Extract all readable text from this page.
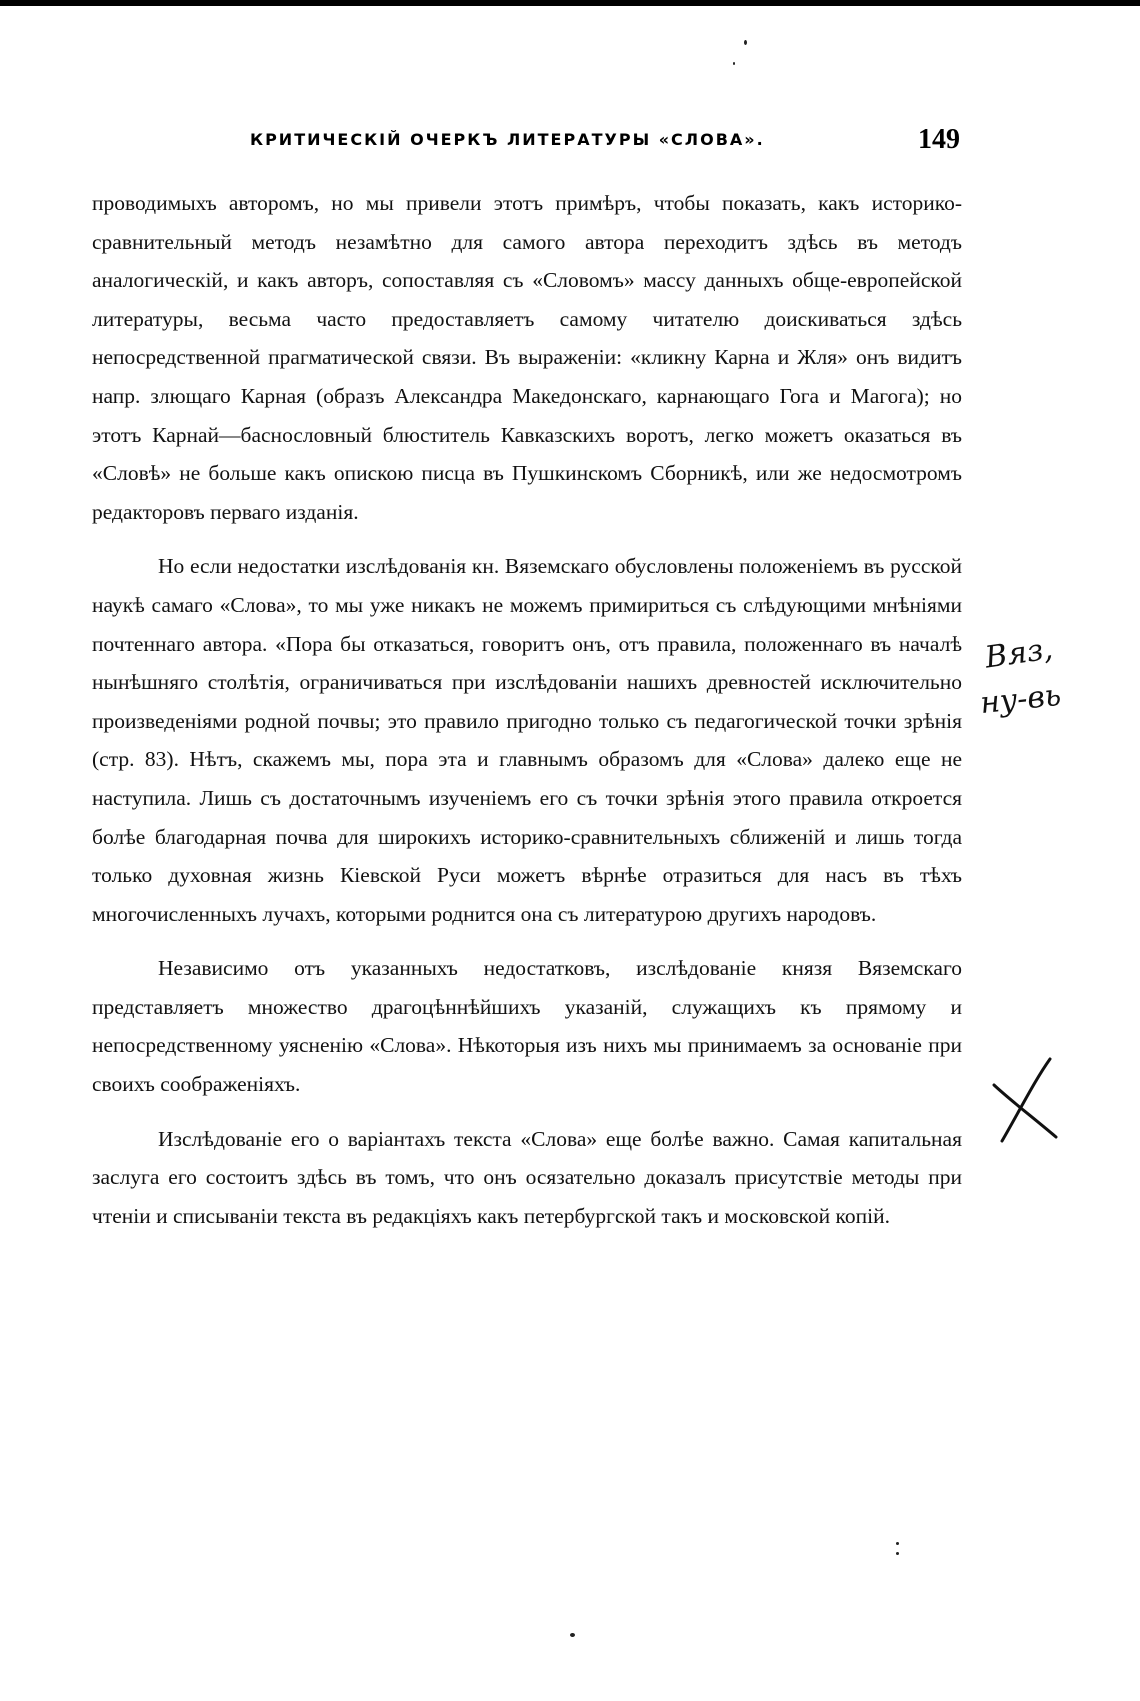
КРИТИЧЕСКІЙ ОЧЕРКЪ ЛИТЕРАТУРЫ «СЛОВА».	149

проводимыхъ авторомъ, но мы привели этотъ примѣръ, чтобы показать, какъ историко-сравнительный методъ незамѣтно для самого автора переходитъ здѣсь въ методъ аналогическій, и какъ авторъ, сопоставляя съ «Словомъ» массу данныхъ обще-европейской литературы, весьма часто предоставляетъ самому читателю доискиваться здѣсь непосредственной прагматической связи. Въ выраженіи: «кликну Карна и Жля» онъ видитъ напр. злющаго Карная (образъ Александра Македонскаго, карнающаго Гога и Магога); но этотъ Карнай—баснословный блюститель Кавказскихъ воротъ, легко можетъ оказаться въ «Словѣ» не больше какъ опискою писца въ Пушкинскомъ Сборникѣ, или же недосмотромъ редакторовъ перваго изданія.

Но если недостатки изслѣдованія кн. Вяземскаго обусловлены положеніемъ въ русской наукѣ самаго «Слова», то мы уже никакъ не можемъ примириться съ слѣдующими мнѣніями почтеннаго автора. «Пора бы отказаться, говоритъ онъ, отъ правила, положеннаго въ началѣ нынѣшняго столѣтія, ограничиваться при изслѣдованіи нашихъ древностей исключительно произведеніями родной почвы; это правило пригодно только съ педагогической точки зрѣнія (стр. 83). Нѣтъ, скажемъ мы, пора эта и главнымъ образомъ для «Слова» далеко еще не наступила. Лишь съ достаточнымъ изученіемъ его съ точки зрѣнія этого правила откроется болѣе благодарная почва для широкихъ историко-сравнительныхъ сближеній и лишь тогда только духовная жизнь Кіевской Руси можетъ вѣрнѣе отразиться для насъ въ тѣхъ многочисленныхъ лучахъ, которыми роднится она съ литературою другихъ народовъ.

Независимо отъ указанныхъ недостатковъ, изслѣдованіе князя Вяземскаго представляетъ множество драгоцѣннѣйшихъ указаній, служащихъ къ прямому и непосредственному уясненію «Слова». Нѣкоторыя изъ нихъ мы принимаемъ за основаніе при своихъ соображеніяхъ.

Изслѣдованіе его о варіантахъ текста «Слова» еще болѣе важно. Самая капитальная заслуга его состоитъ здѣсь въ томъ, что онъ осязательно доказалъ присутствіе методы при чтеніи и списываніи текста въ редакціяхъ какъ петербургской такъ и московской копій.

Вяз,
ну-вь
